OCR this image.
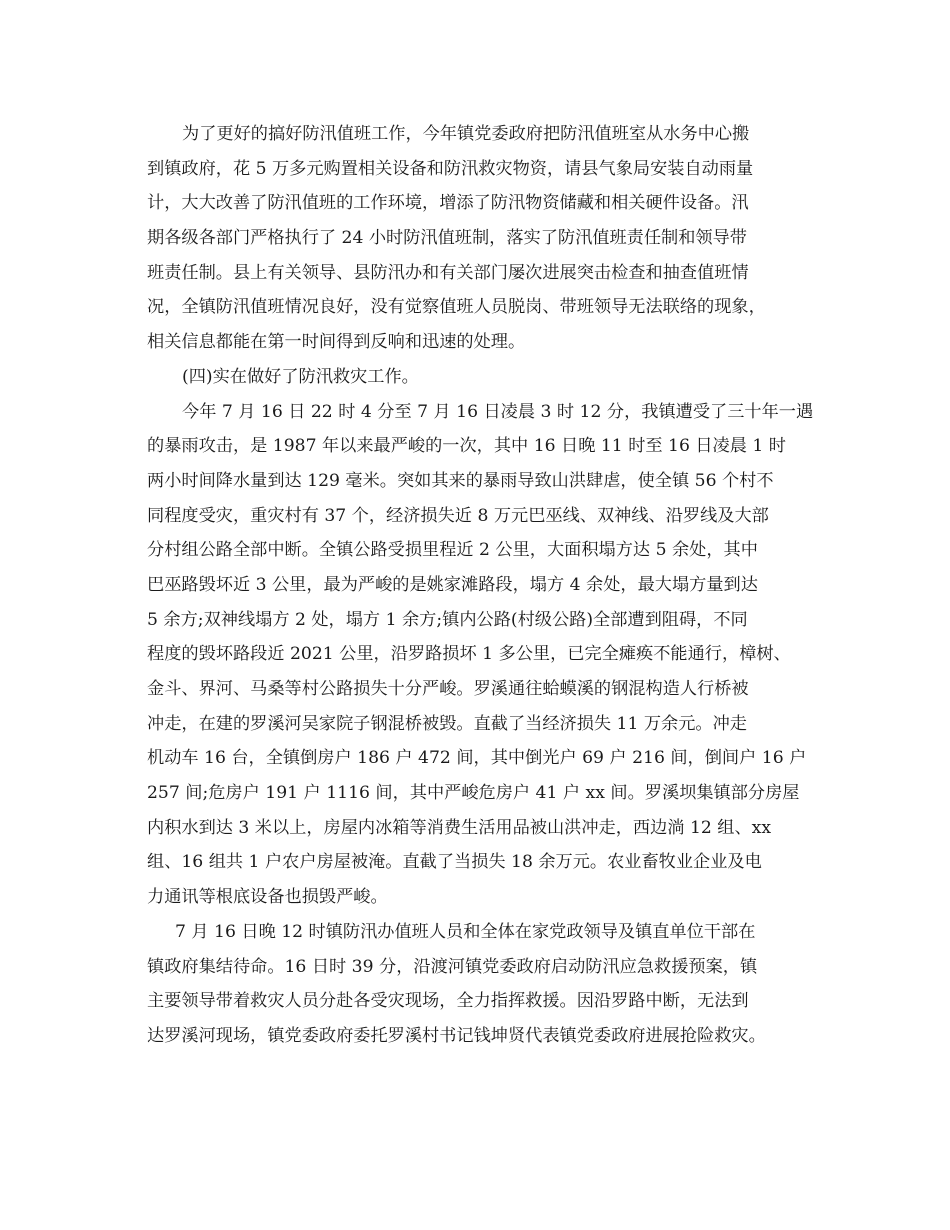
为了更好的搞好防汛值班工作，今年镇党委政府把防汛值班室从水务中心搬
到镇政府，花 5 万多元购置相关设备和防汛救灾物资，请县气象局安装自动雨量
计，大大改善了防汛值班的工作环境，增添了防汛物资储藏和相关硬件设备。汛
期各级各部门严格执行了 24 小时防汛值班制，落实了防汛值班责任制和领导带
班责任制。县上有关领导、县防汛办和有关部门屡次进展突击检查和抽查值班情
况，全镇防汛值班情况良好，没有觉察值班人员脱岗、带班领导无法联络的现象，
相关信息都能在第一时间得到反响和迅速的处理。
(四)实在做好了防汛救灾工作。
今年 7 月 16 日 22 时 4 分至 7 月 16 日凌晨 3 时 12 分，我镇遭受了三十年一遇
的暴雨攻击，是 1987 年以来最严峻的一次，其中 16 日晚 11 时至 16 日凌晨 1 时
两小时间降水量到达 129 毫米。突如其来的暴雨导致山洪肆虐，使全镇 56 个村不
同程度受灾，重灾村有 37 个，经济损失近 8 万元巴巫线、双神线、沿罗线及大部
分村组公路全部中断。全镇公路受损里程近 2 公里，大面积塌方达 5 余处，其中
巴巫路毁坏近 3 公里，最为严峻的是姚家滩路段，塌方 4 余处，最大塌方量到达
5 余方;双神线塌方 2 处，塌方 1 余方;镇内公路(村级公路)全部遭到阻碍，不同
程度的毁坏路段近 2021 公里，沿罗路损坏 1 多公里，已完全瘫痪不能通行，樟树、
金斗、界河、马桑等村公路损失十分严峻。罗溪通往蛤蟆溪的钢混构造人行桥被
冲走，在建的罗溪河吴家院子钢混桥被毁。直截了当经济损失 11 万余元。冲走
机动车 16 台，全镇倒房户 186 户 472 间，其中倒光户 69 户 216 间，倒间户 16 户
257 间;危房户 191 户 1116 间，其中严峻危房户 41 户 xx 间。罗溪坝集镇部分房屋
内积水到达 3 米以上，房屋内冰箱等消费生活用品被山洪冲走，西边淌 12 组、xx
组、16 组共 1 户农户房屋被淹。直截了当损失 18 余万元。农业畜牧业企业及电
力通讯等根底设备也损毁严峻。
7 月 16 日晚 12 时镇防汛办值班人员和全体在家党政领导及镇直单位干部在
镇政府集结待命。16 日时 39 分，沿渡河镇党委政府启动防汛应急救援预案，镇
主要领导带着救灾人员分赴各受灾现场，全力指挥救援。因沿罗路中断，无法到
达罗溪河现场，镇党委政府委托罗溪村书记钱坤贤代表镇党委政府进展抢险救灾。
